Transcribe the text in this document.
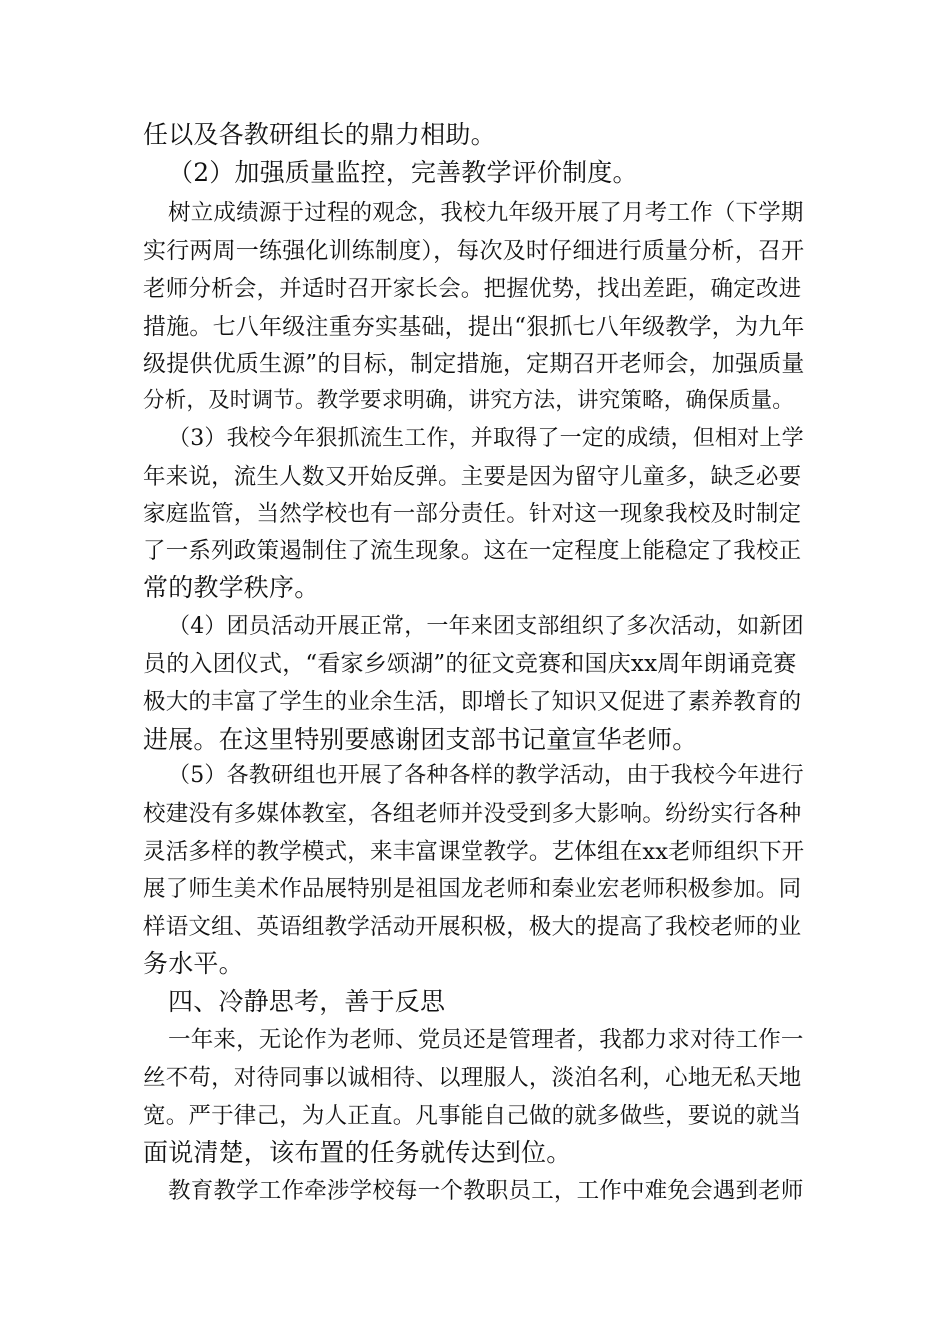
任以及各教研组长的鼎力相助。
（2）加强质量监控，完善教学评价制度。
树立成绩源于过程的观念，我校九年级开展了月考工作（下学期
实行两周一练强化训练制度），每次及时仔细进行质量分析，召开
老师分析会，并适时召开家长会。把握优势，找出差距，确定改进
措施。七八年级注重夯实基础，提出“狠抓七八年级教学，为九年
级提供优质生源”的目标，制定措施，定期召开老师会，加强质量
分析，及时调节。教学要求明确，讲究方法，讲究策略，确保质量。
（3）我校今年狠抓流生工作，并取得了一定的成绩，但相对上学
年来说，流生人数又开始反弹。主要是因为留守儿童多，缺乏必要
家庭监管，当然学校也有一部分责任。针对这一现象我校及时制定
了一系列政策遏制住了流生现象。这在一定程度上能稳定了我校正
常的教学秩序。
（4）团员活动开展正常，一年来团支部组织了多次活动，如新团
员的入团仪式，“看家乡颂湖”的征文竞赛和国庆xx周年朗诵竞赛
极大的丰富了学生的业余生活，即增长了知识又促进了素养教育的
进展。在这里特别要感谢团支部书记童宣华老师。
（5）各教研组也开展了各种各样的教学活动，由于我校今年进行
校建没有多媒体教室，各组老师并没受到多大影响。纷纷实行各种
灵活多样的教学模式，来丰富课堂教学。艺体组在xx老师组织下开
展了师生美术作品展特别是祖国龙老师和秦业宏老师积极参加。同
样语文组、英语组教学活动开展积极，极大的提高了我校老师的业
务水平。
四、冷静思考，善于反思
一年来，无论作为老师、党员还是管理者，我都力求对待工作一
丝不苟，对待同事以诚相待、以理服人，淡泊名利，心地无私天地
宽。严于律己，为人正直。凡事能自己做的就多做些，要说的就当
面说清楚，该布置的任务就传达到位。
教育教学工作牵涉学校每一个教职员工，工作中难免会遇到老师
